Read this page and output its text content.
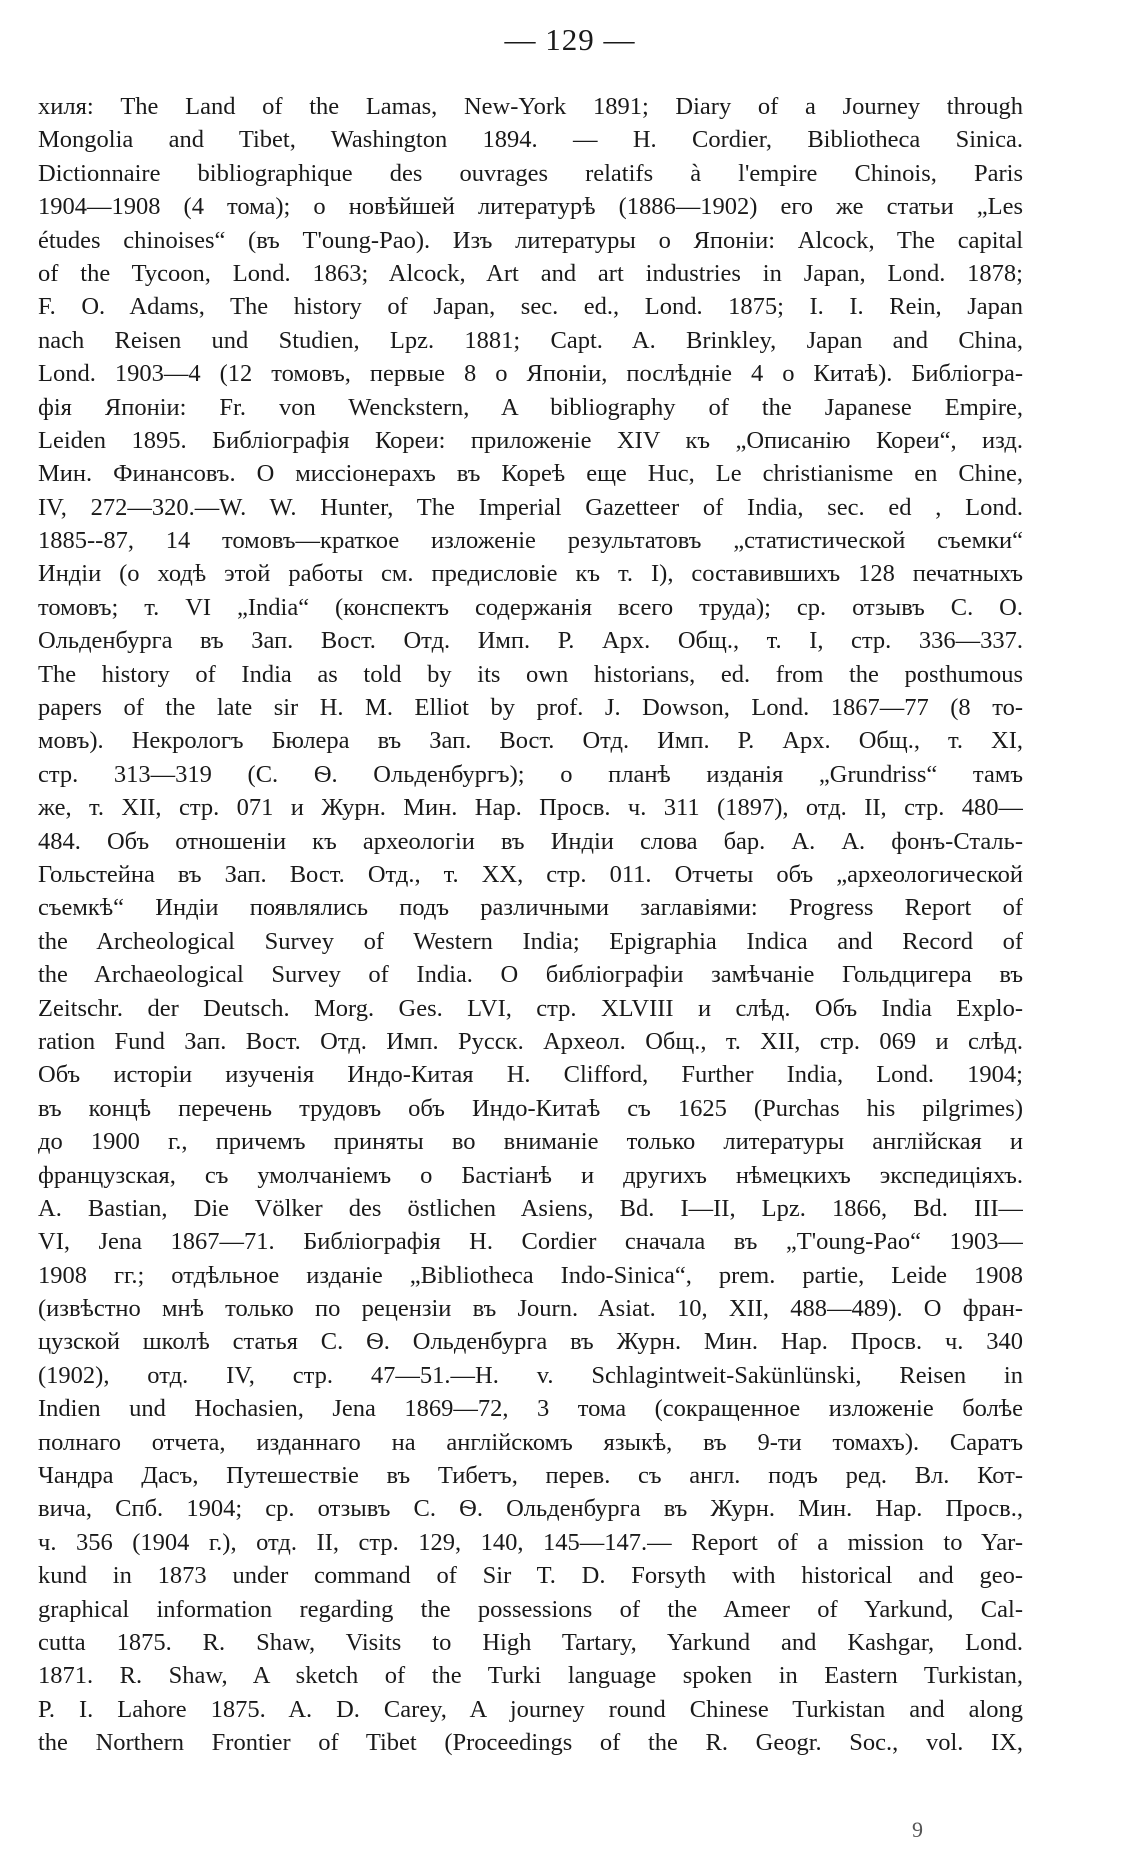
— 129 —
хиля: The Land of the Lamas, New-York 1891; Diary of a Journey through
Mongolia and Tibet, Washington 1894. — H. Cordier, Bibliotheca Sinica.
Dictionnaire bibliographique des ouvrages relatifs à l'empire Chinois, Paris
1904—1908 (4 тома); о новѣйшей литературѣ (1886—1902) его же статьи „Les
études chinoises“ (въ T'oung-Pao). Изъ литературы о Японіи: Alcock, The capital
of the Tycoon, Lond. 1863; Alcock, Art and art industries in Japan, Lond. 1878;
F. O. Adams, The history of Japan, sec. ed., Lond. 1875; I. I. Rein, Japan
nach Reisen und Studien, Lpz. 1881; Capt. A. Brinkley, Japan and China,
Lond. 1903—4 (12 томовъ, первые 8 о Японіи, послѣдніе 4 о Китаѣ). Библіогра-
фія Японіи: Fr. von Wenckstern, A bibliography of the Japanese Empire,
Leiden 1895. Библіографія Кореи: приложеніе XIV къ „Описанію Кореи“, изд.
Мин. Финансовъ. О миссіонерахъ въ Кореѣ еще Huc, Le christianisme en Chine,
IV, 272—320.—W. W. Hunter, The Imperial Gazetteer of India, sec. ed , Lond.
1885--87, 14 томовъ—краткое изложеніе результатовъ „статистической съемки“
Индіи (о ходѣ этой работы см. предисловіе къ т. I), составившихъ 128 печатныхъ
томовъ; т. VI „India“ (конспектъ содержанія всего труда); ср. отзывъ С. О.
Ольденбурга въ Зап. Вост. Отд. Имп. Р. Арх. Общ., т. I, стр. 336—337.
The history of India as told by its own historians, ed. from the posthumous
papers of the late sir H. M. Elliot by prof. J. Dowson, Lond. 1867—77 (8 то-
мовъ). Некрологъ Бюлера въ Зап. Вост. Отд. Имп. Р. Арх. Общ., т. XI,
стр. 313—319 (С. Ѳ. Ольденбургъ); о планѣ изданія „Grundriss“ тамъ
же, т. XII, стр. 071 и Журн. Мин. Нар. Просв. ч. 311 (1897), отд. II, стр. 480—
484. Объ отношеніи къ археологіи въ Индіи слова бар. А. А. фонъ-Сталь-
Гольстейна въ Зап. Вост. Отд., т. XX, стр. 011. Отчеты объ „археологической
съемкѣ“ Индіи появлялись подъ различными заглавіями: Progress Report of
the Archeological Survey of Western India; Epigraphia Indica and Record of
the Archaeological Survey of India. О библіографіи замѣчаніе Гольдцигера въ
Zeitschr. der Deutsch. Morg. Ges. LVI, стр. XLVIII и слѣд. Объ India Explo-
ration Fund Зап. Вост. Отд. Имп. Русск. Археол. Общ., т. XII, стр. 069 и слѣд.
Объ исторіи изученія Индо-Китая H. Clifford, Further India, Lond. 1904;
въ концѣ перечень трудовъ объ Индо-Китаѣ съ 1625 (Purchas his pilgrimes)
до 1900 г., причемъ приняты во вниманіе только литературы англійская и
французская, съ умолчаніемъ о Бастіанѣ и другихъ нѣмецкихъ экспедиціяхъ.
A. Bastian, Die Völker des östlichen Asiens, Bd. I—II, Lpz. 1866, Bd. III—
VI, Jena 1867—71. Библіографія H. Cordier сначала въ „T'oung-Pao“ 1903—
1908 гг.; отдѣльное изданіе „Bibliotheca Indo-Sinica“, prem. partie, Leide 1908
(извѣстно мнѣ только по рецензіи въ Journ. Asiat. 10, XII, 488—489). О фран-
цузской школѣ статья С. Ѳ. Ольденбурга въ Журн. Мин. Нар. Просв. ч. 340
(1902), отд. IV, стр. 47—51.—H. v. Schlagintweit-Sakünlünski, Reisen in
Indien und Hochasien, Jena 1869—72, 3 тома (сокращенное изложеніе болѣе
полнаго отчета, изданнаго на англійскомъ языкѣ, въ 9-ти томахъ). Саратъ
Чандра Дасъ, Путешествіе въ Тибетъ, перев. съ англ. подъ ред. Вл. Кот-
вича, Спб. 1904; ср. отзывъ С. Ѳ. Ольденбурга въ Журн. Мин. Нар. Просв.,
ч. 356 (1904 г.), отд. II, стр. 129, 140, 145—147.— Report of a mission to Yar-
kund in 1873 under command of Sir T. D. Forsyth with historical and geo-
graphical information regarding the possessions of the Ameer of Yarkund, Cal-
cutta 1875. R. Shaw, Visits to High Tartary, Yarkund and Kashgar, Lond.
1871. R. Shaw, A sketch of the Turki language spoken in Eastern Turkistan,
P. I. Lahore 1875. A. D. Carey, A journey round Chinese Turkistan and along
the Northern Frontier of Tibet (Proceedings of the R. Geogr. Soc., vol. IX,
9
